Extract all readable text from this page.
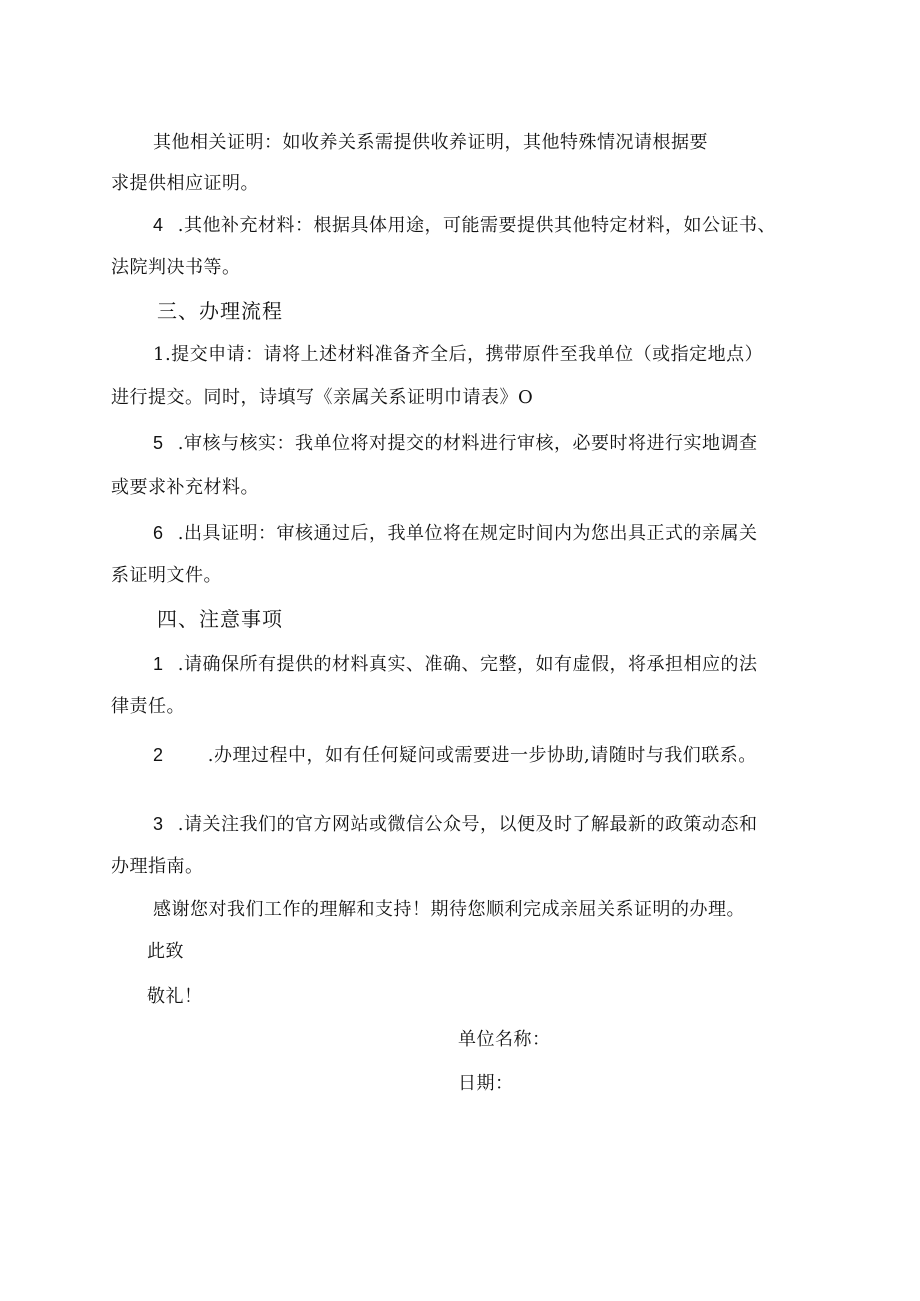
其他相关证明：如收养关系需提供收养证明，其他特殊情况请根据要
求提供相应证明。
4 .其他补充材料：根据具体用途，可能需要提供其他特定材料，如公证书、
法院判决书等。
三、办理流程
1.提交申请：请将上述材料准备齐全后，携带原件至我单位（或指定地点）
进行提交。同时，诗填写《亲属关系证明巾请表》O
5 .审核与核实：我单位将对提交的材料进行审核，必要时将进行实地调查
或要求补充材料。
6 .出具证明：审核通过后，我单位将在规定时间内为您出具正式的亲属关
系证明文件。
四、注意事项
1 .请确保所有提供的材料真实、准确、完整，如有虚假，将承担相应的法
律责任。
2 .办理过程中，如有任何疑问或需要进一步协助,请随时与我们联系。
3 .请关注我们的官方网站或微信公众号，以便及时了解最新的政策动态和
办理指南。
感谢您对我们工作的理解和支持！期待您顺利完成亲屈关系证明的办理。
此致
敬礼！
单位名称：
日期：
